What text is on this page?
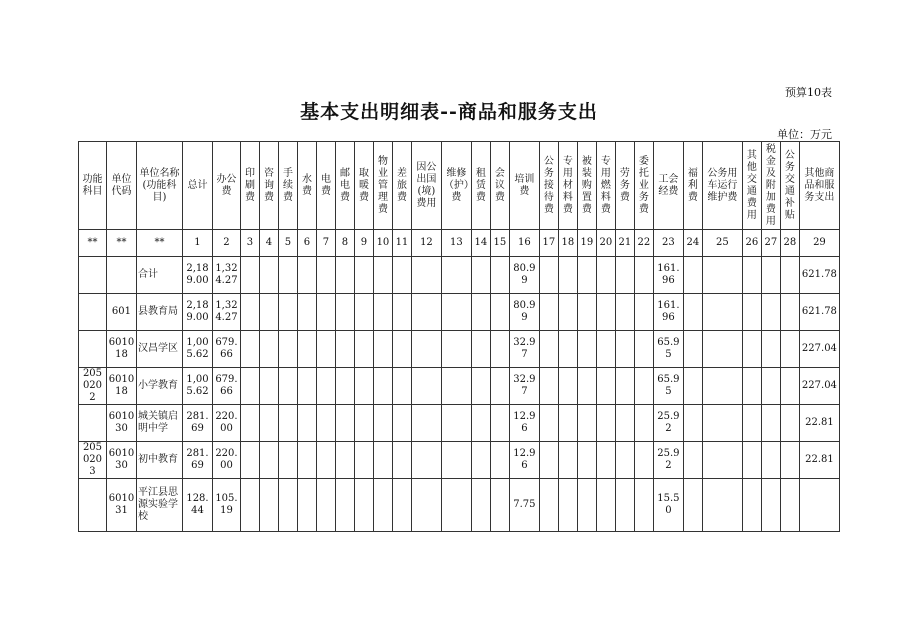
预算10表
基本支出明细表--商品和服务支出
单位：万元
功能科目	单位代码	单位名称(功能科目)	总计	办公费	印刷费	咨询费	手续费	水费	电费	邮电费	取暖费	物业管理费	差旅费	因公出国(境)费用	维修（护）费	租赁费	会议费	培训费	公务接待费	专用材料费	被装购置费	专用燃料费	劳务费	委托业务费	工会经费	福利费	公务用车运行维护费	其他交通费用	税金及附加费用	公务交通补贴	其他商品和服务支出
**	**	**	1	2	3	4	5	6	7	8	9	10	11	12	13	14	15	16	17	18	19	20	21	22	23	24	25	26	27	28	29
		合计	2,189.00	1,324.27														80.99							161.96						621.78
	601	县教育局	2,189.00	1,324.27														80.99							161.96						621.78
	601018	汉昌学区	1,005.62	679.66														32.97							65.95						227.04
2050202	601018	小学教育	1,005.62	679.66														32.97							65.95						227.04
	601030	城关镇启明中学	281.69	220.00														12.96							25.92						22.81
2050203	601030	初中教育	281.69	220.00														12.96							25.92						22.81
	601031	平江县思源实验学校	128.44	105.19														7.75							15.50						
